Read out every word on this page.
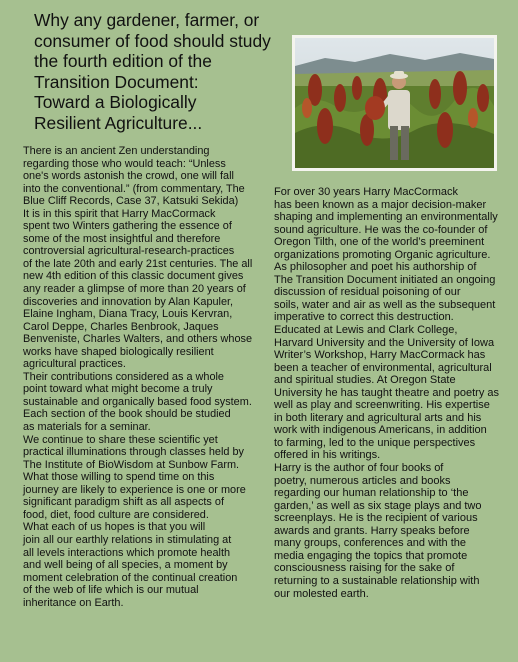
Why any gardener, farmer, or
consumer of food should study
the fourth edition of the
Transition Document:
Toward a Biologically
Resilient Agriculture...
There is an ancient Zen understanding
regarding those who would teach: “Unless
one's words astonish the crowd, one will fall
into the conventional.” (from commentary, The
Blue Cliff Records, Case 37, Katsuki Sekida)
It is in this spirit that Harry MacCormack
spent two Winters gathering the essence of
some of the most insightful and therefore
controversial agricultural-research-practices
of the late 20th and early 21st centuries. The all
new 4th edition of this classic document gives
any reader a glimpse of more than 20 years of
discoveries and innovation by Alan Kapuler,
Elaine Ingham, Diana Tracy, Louis Kervran,
Carol Deppe, Charles Benbrook, Jaques
Benveniste, Charles Walters, and others whose
works have shaped biologically resilient
agricultural practices.
Their contributions considered as a whole
point toward what might become a truly
sustainable and organically based food system.
Each section of the book should be studied
as materials for a seminar.
We continue to share these scientific yet
practical illuminations through classes held by
The Institute of BioWisdom at Sunbow Farm.
What those willing to spend time on this
journey are likely to experience is one or more
significant paradigm shift as all aspects of
food, diet, food culture are considered.
What each of us hopes is that you will
join all our earthly relations in stimulating at
all levels interactions which promote health
and well being of all species, a moment by
moment celebration of the continual creation
of the web of life which is our mutual
inheritance on Earth.
For over 30 years Harry MacCormack
has been known as a major decision-maker
shaping and implementing an environmentally
sound agriculture. He was the co-founder of
Oregon Tilth, one of the world’s preeminent
organizations promoting Organic agriculture.
As philosopher and poet his authorship of
The Transition Document initiated an ongoing
discussion of residual poisoning of our
soils, water and air as well as the subsequent
imperative to correct this destruction.
Educated at Lewis and Clark College,
Harvard University and the University of Iowa
Writer’s Workshop, Harry MacCormack has
been a teacher of environmental, agricultural
and spiritual studies. At Oregon State
University he has taught theatre and poetry as
well as play and screenwriting. His expertise
in both literary and agricultural arts and his
work with indigenous Americans, in addition
to farming, led to the unique perspectives
offered in his writings.
Harry is the author of four books of
poetry, numerous articles and books
regarding our human relationship to ‘the
garden,’ as well as six stage plays and two
screenplays. He is the recipient of various
awards and grants. Harry speaks before
many groups, conferences and with the
media engaging the topics that promote
consciousness raising for the sake of
returning to a sustainable relationship with
our molested earth.
